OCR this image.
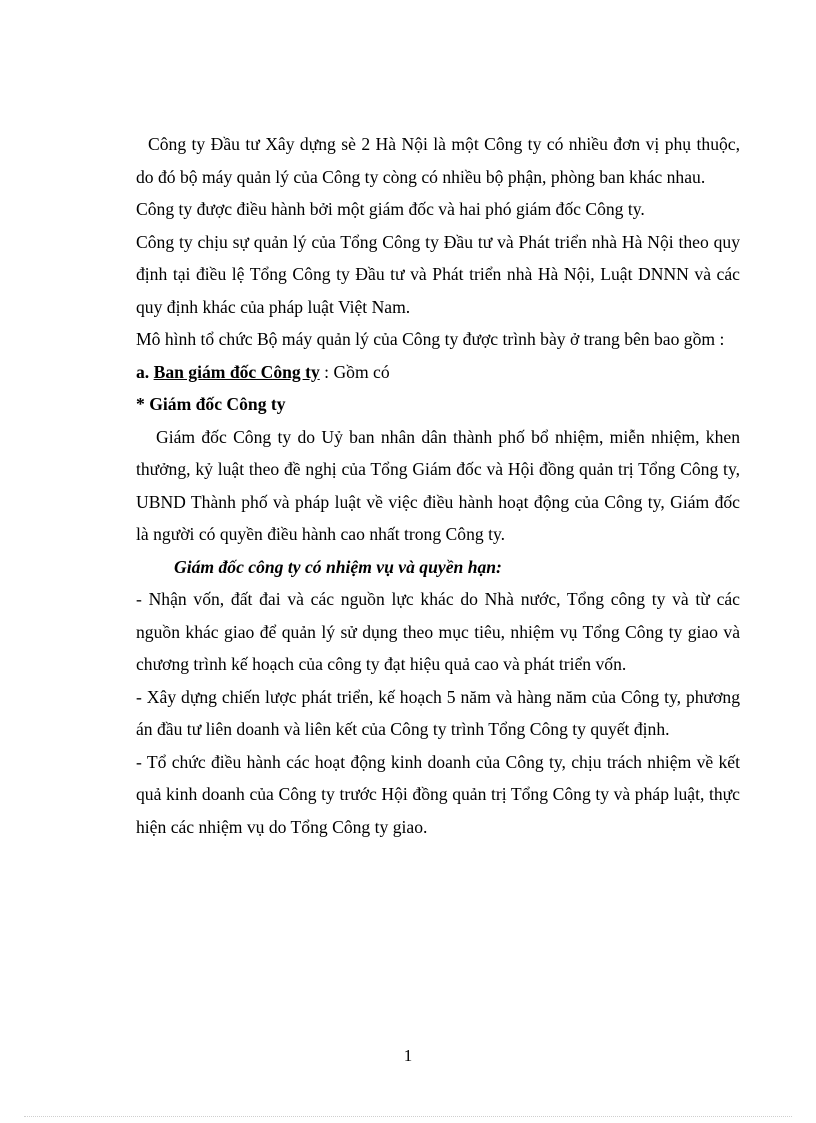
Công ty Đầu tư Xây dựng sè 2 Hà Nội là một Công ty có nhiều đơn vị phụ thuộc, do đó bộ máy quản lý của Công ty còng có nhiều bộ phận, phòng ban khác nhau.

Công ty được điều hành bởi một giám đốc và hai phó giám đốc Công ty.

Công ty chịu sự quản lý của Tổng Công ty Đầu tư và Phát triển nhà Hà Nội theo quy định tại điều lệ Tổng Công ty Đầu tư và Phát triển nhà Hà Nội, Luật DNNN và các quy định khác của pháp luật Việt Nam.

Mô hình tổ chức Bộ máy quản lý của Công ty được trình bày ở trang bên bao gồm :

a. Ban giám đốc Công ty : Gồm có

* Giám đốc Công ty

Giám đốc Công ty do Uỷ ban nhân dân thành phố bổ nhiệm, miễn nhiệm, khen thưởng, kỷ luật theo đề nghị của Tổng Giám đốc và Hội đồng quản trị Tổng Công ty, UBND Thành phố và pháp luật về việc điều hành hoạt động của Công ty, Giám đốc là người có quyền điều hành cao nhất trong Công ty.

Giám đốc công ty có nhiệm vụ và quyền hạn:

- Nhận vốn, đất đai và các nguồn lực khác do Nhà nước, Tổng công ty và từ các nguồn khác giao để quản lý sử dụng theo mục tiêu, nhiệm vụ Tổng Công ty giao và chương trình kế hoạch của công ty đạt hiệu quả cao và phát triển vốn.

- Xây dựng chiến lược phát triển, kế hoạch 5 năm và hàng năm của Công ty, phương án đầu tư liên doanh và liên kết của Công ty trình Tổng Công ty quyết định.

- Tổ chức điều hành các hoạt động kinh doanh của Công ty, chịu trách nhiệm về kết quả kinh doanh của Công ty trước Hội đồng quản trị Tổng Công ty và pháp luật, thực hiện các nhiệm vụ do Tổng Công ty giao.

1
